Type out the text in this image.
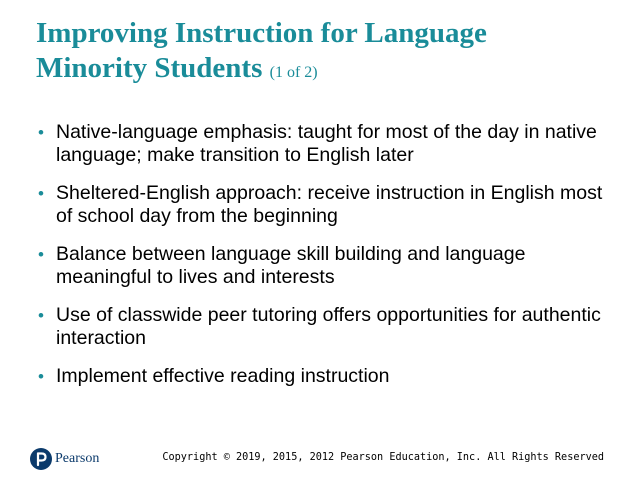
Improving Instruction for Language Minority Students (1 of 2)
• Native-language emphasis: taught for most of the day in native language; make transition to English later
• Sheltered-English approach: receive instruction in English most of school day from the beginning
• Balance between language skill building and language meaningful to lives and interests
• Use of classwide peer tutoring offers opportunities for authentic interaction
• Implement effective reading instruction
Pearson	Copyright © 2019, 2015, 2012 Pearson Education, Inc. All Rights Reserved
